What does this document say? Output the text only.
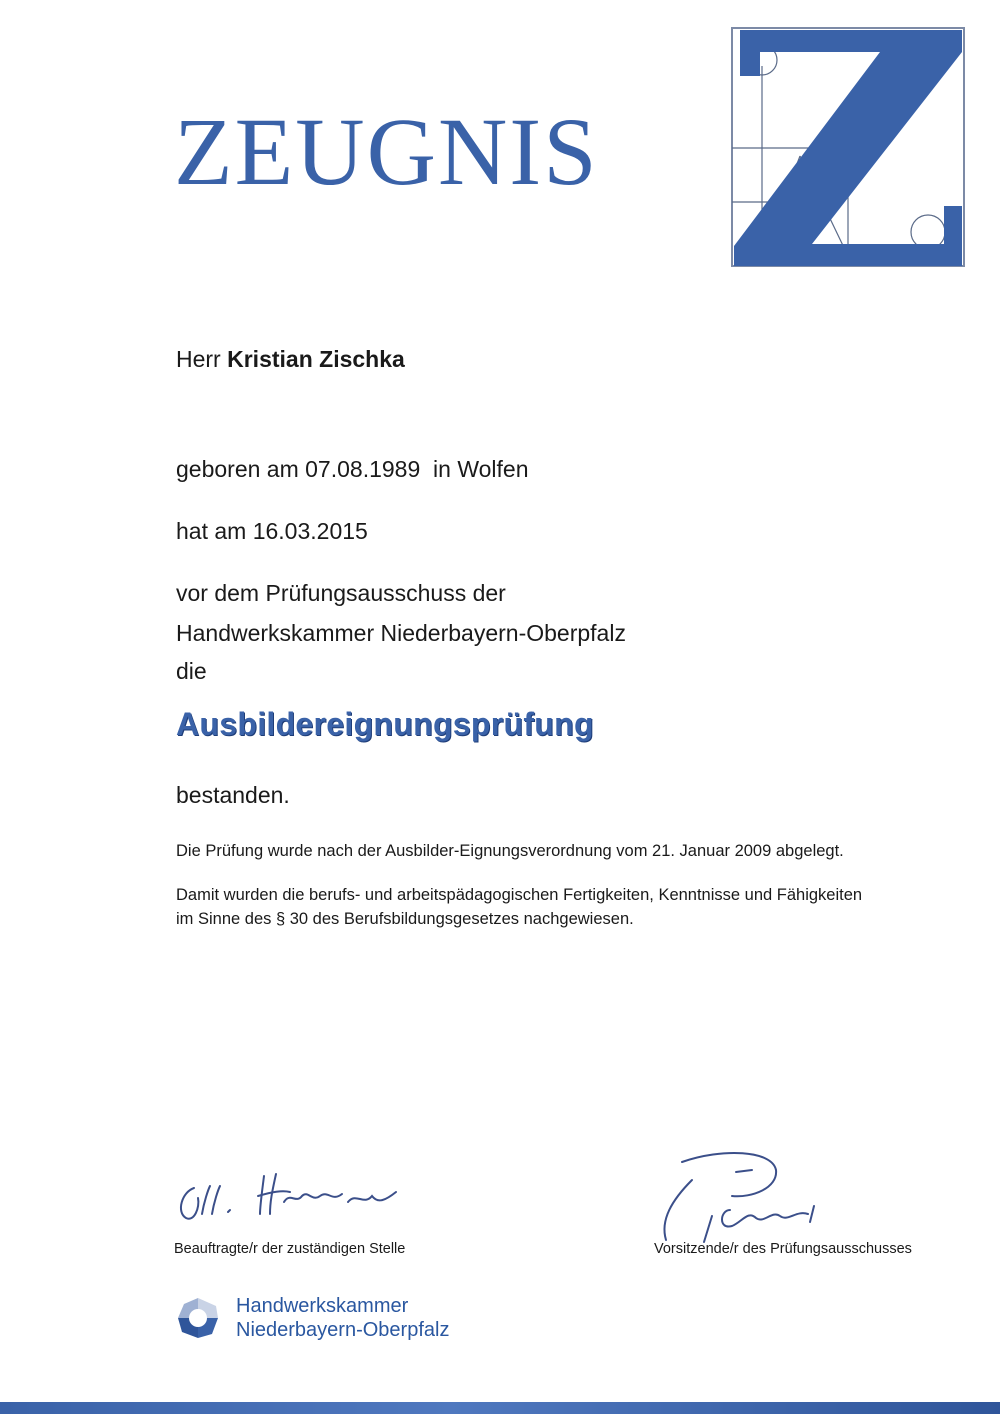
ZEUGNIS
Herr Kristian Zischka
geboren am 07.08.1989  in Wolfen
hat am 16.03.2015
vor dem Prüfungsausschuss der
Handwerkskammer Niederbayern-Oberpfalz
die
Ausbildereignungsprüfung
bestanden.
Die Prüfung wurde nach der Ausbilder-Eignungsverordnung vom 21. Januar 2009 abgelegt.
Damit wurden die berufs- und arbeitspädagogischen Fertigkeiten, Kenntnisse und Fähigkeiten
im Sinne des § 30 des Berufsbildungsgesetzes nachgewiesen.
Beauftragte/r der zuständigen Stelle	Vorsitzende/r des Prüfungsausschusses
Handwerkskammer
Niederbayern-Oberpfalz
